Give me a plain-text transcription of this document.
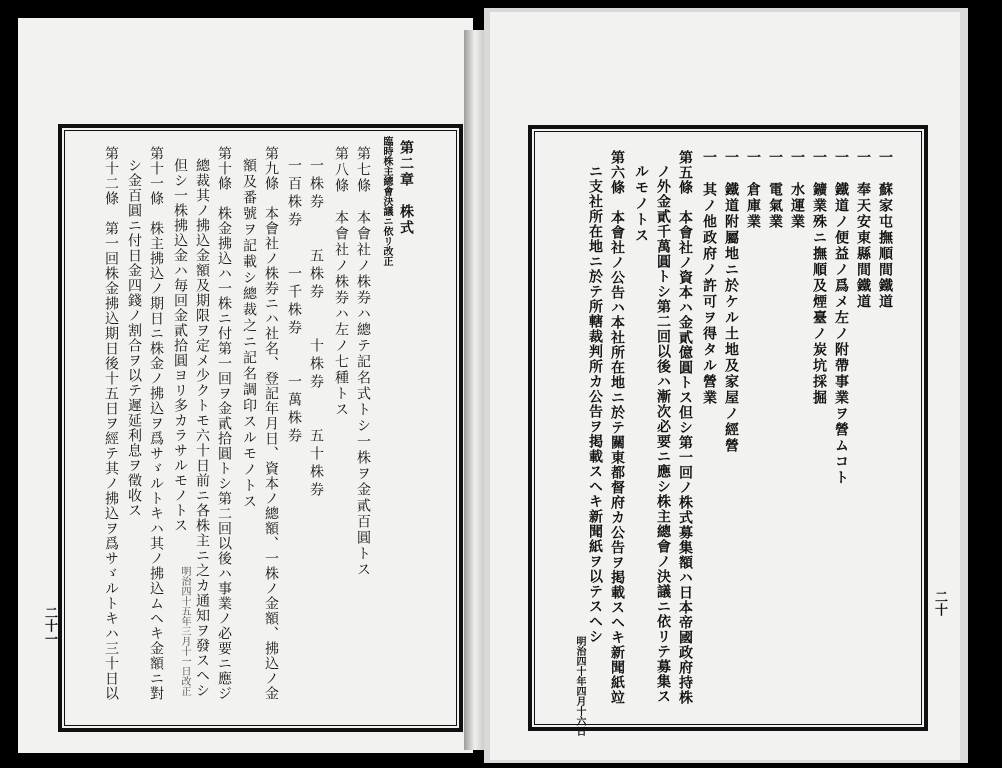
臨時株主總會決議ニ依リ改正 第二章　株式
第七條　本會社ノ株券ハ總テ記名式トシ一株ヲ金貳百圓トス
第八條　本會社ノ株券ハ左ノ七種トス
一株券　　五株券　　十株券　　五十株券
一百株券　　一千株券　　一萬株券
第九條　本會社ノ株券ニハ社名、登記年月日、資本ノ總額、一株ノ金額、拂込ノ金
額及番號ヲ記載シ總裁之ニ記名調印スルモノトス
第十條　株金拂込ハ一株ニ付第一回ヲ金貳拾圓トシ第二回以後ハ事業ノ必要ニ應ジ
總裁其ノ拂込金額及期限ヲ定メ少クトモ六十日前ニ各株主ニ之カ通知ヲ發スヘシ
但シ一株拂込金ハ毎回金貳拾圓ヨリ多カラサルモノトス
明治四十五年三月十一日改正
第十一條　株主拂込ノ期日ニ株金ノ拂込ヲ爲サゞルトキハ其ノ拂込ムヘキ金額ニ對
シ金百圓ニ付日金四錢ノ割合ヲ以テ遲延利息ヲ徵收ス
第十二條　第一回株金拂込期日後十五日ヲ經テ其ノ拂込ヲ爲サゞルトキハ三十日以
二十一
一　蘇家屯撫順間鐵道
一　奉天安東縣間鐵道
一　鐵道ノ便益ノ爲メ左ノ附帶事業ヲ營ムコト
一　鑛業殊ニ撫順及煙臺ノ炭坑採掘
一　水運業
一　電氣業
一　倉庫業
一　鐵道附屬地ニ於ケル土地及家屋ノ經營
一　其ノ他政府ノ許可ヲ得タル營業
第五條　本會社ノ資本ハ金貳億圓トス但シ第一回ノ株式募集額ハ日本帝國政府持株
ノ外金貳千萬圓トシ第二回以後ハ漸次必要ニ應シ株主總會ノ決議ニ依リテ募集ス
ルモノトス
第六條　本會社ノ公告ハ本社所在地ニ於テ關東都督府カ公告ヲ掲載スヘキ新聞紙竝
ニ支社所在地ニ於テ所轄裁判所カ公告ヲ掲載スヘキ新聞紙ヲ以テスヘシ
明治四十年四月十六日
二十
